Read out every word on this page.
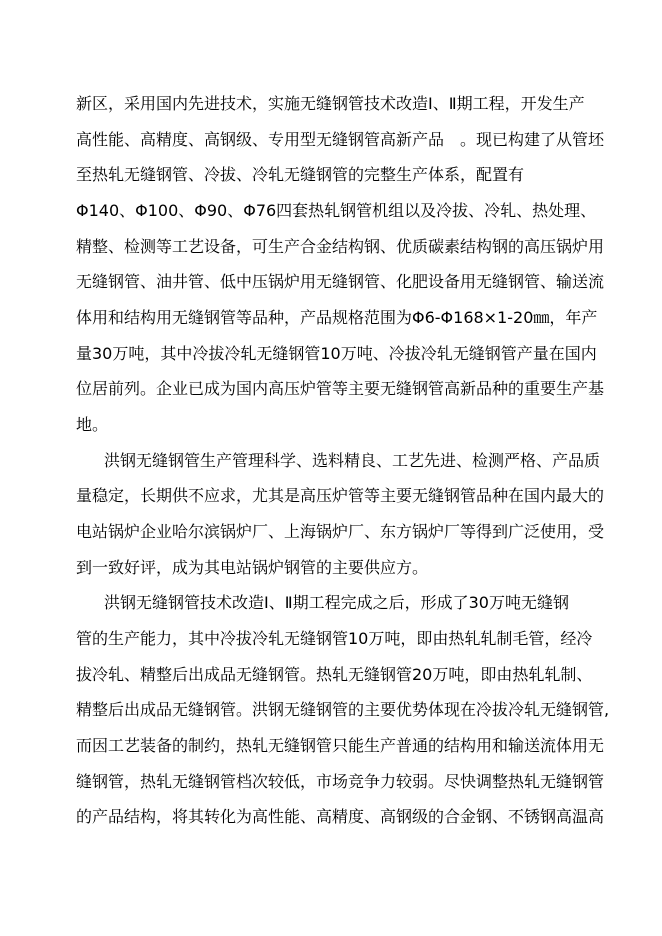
新区，采用国内先进技术，实施无缝钢管技术改造Ⅰ、Ⅱ期工程，开发生产
高性能、高精度、高钢级、专用型无缝钢管高新产品　。现已构建了从管坯
至热轧无缝钢管、冷拔、冷轧无缝钢管的完整生产体系，配置有
Φ140、Φ100、Φ90、Φ76四套热轧钢管机组以及冷拔、冷轧、热处理、
精整、检测等工艺设备，可生产合金结构钢、优质碳素结构钢的高压锅炉用
无缝钢管、油井管、低中压锅炉用无缝钢管、化肥设备用无缝钢管、输送流
体用和结构用无缝钢管等品种，产品规格范围为Φ6-Φ168×1-20㎜，年产
量30万吨，其中冷拔冷轧无缝钢管10万吨、冷拔冷轧无缝钢管产量在国内
位居前列。企业已成为国内高压炉管等主要无缝钢管高新品种的重要生产基
地。
洪钢无缝钢管生产管理科学、选料精良、工艺先进、检测严格、产品质
量稳定，长期供不应求，尤其是高压炉管等主要无缝钢管品种在国内最大的
电站锅炉企业哈尔滨锅炉厂、上海锅炉厂、东方锅炉厂等得到广泛使用，受
到一致好评，成为其电站锅炉钢管的主要供应方。
洪钢无缝钢管技术改造Ⅰ、Ⅱ期工程完成之后，形成了30万吨无缝钢
管的生产能力，其中冷拔冷轧无缝钢管10万吨，即由热轧轧制毛管，经冷
拔冷轧、精整后出成品无缝钢管。热轧无缝钢管20万吨，即由热轧轧制、
精整后出成品无缝钢管。洪钢无缝钢管的主要优势体现在冷拔冷轧无缝钢管,
而因工艺装备的制约，热轧无缝钢管只能生产普通的结构用和输送流体用无
缝钢管，热轧无缝钢管档次较低，市场竞争力较弱。尽快调整热轧无缝钢管
的产品结构，将其转化为高性能、高精度、高钢级的合金钢、不锈钢高温高
